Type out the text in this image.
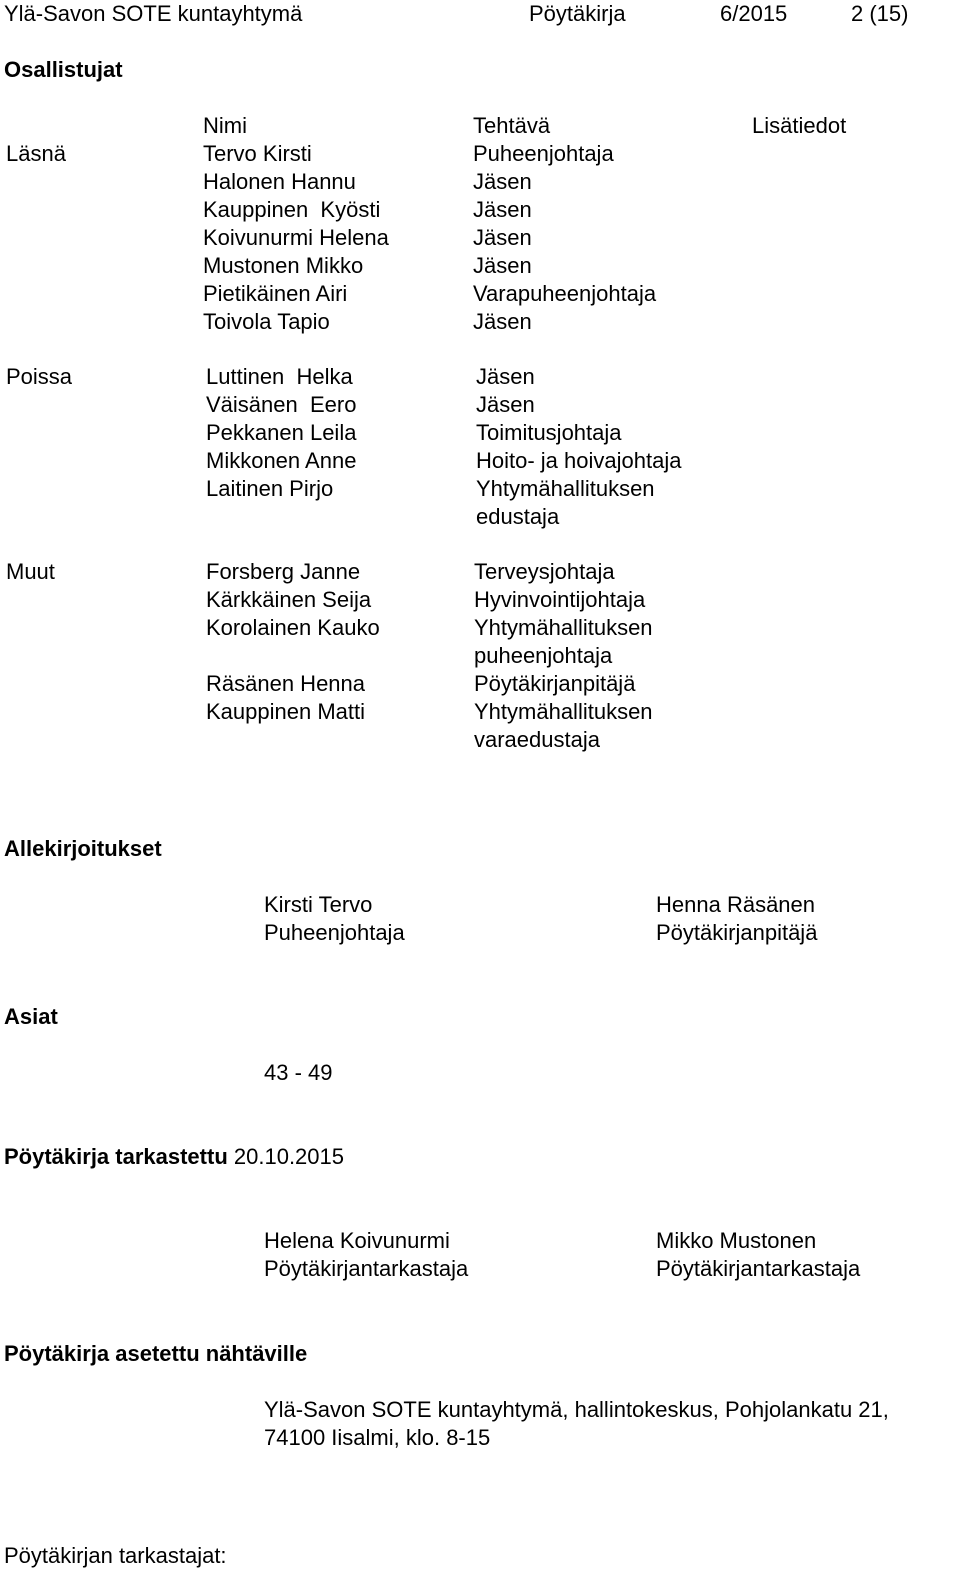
Ylä-Savon SOTE kuntayhtymä	Pöytäkirja	6/2015	2 (15)
Osallistujat
Nimi	Tehtävä	Lisätiedot
Läsnä	Tervo Kirsti	Puheenjohtaja
Halonen Hannu	Jäsen
Kauppinen  Kyösti	Jäsen
Koivunurmi Helena	Jäsen
Mustonen Mikko	Jäsen
Pietikäinen Airi	Varapuheenjohtaja
Toivola Tapio	Jäsen
Poissa	Luttinen  Helka	Jäsen
Väisänen  Eero	Jäsen
Pekkanen Leila	Toimitusjohtaja
Mikkonen Anne	Hoito- ja hoivajohtaja
Laitinen Pirjo	Yhtymähallituksen
edustaja
Muut	Forsberg Janne	Terveysjohtaja
Kärkkäinen Seija	Hyvinvointijohtaja
Korolainen Kauko	Yhtymähallituksen
puheenjohtaja
Räsänen Henna	Pöytäkirjanpitäjä
Kauppinen Matti	Yhtymähallituksen
varaedustaja
Allekirjoitukset
Kirsti Tervo
Puheenjohtaja
Henna Räsänen
Pöytäkirjanpitäjä
Asiat
43 - 49
Pöytäkirja tarkastettu 20.10.2015
Helena Koivunurmi
Pöytäkirjantarkastaja
Mikko Mustonen
Pöytäkirjantarkastaja
Pöytäkirja asetettu nähtäville
Ylä-Savon SOTE kuntayhtymä, hallintokeskus, Pohjolankatu 21,
74100 Iisalmi, klo. 8-15
Pöytäkirjan tarkastajat:
